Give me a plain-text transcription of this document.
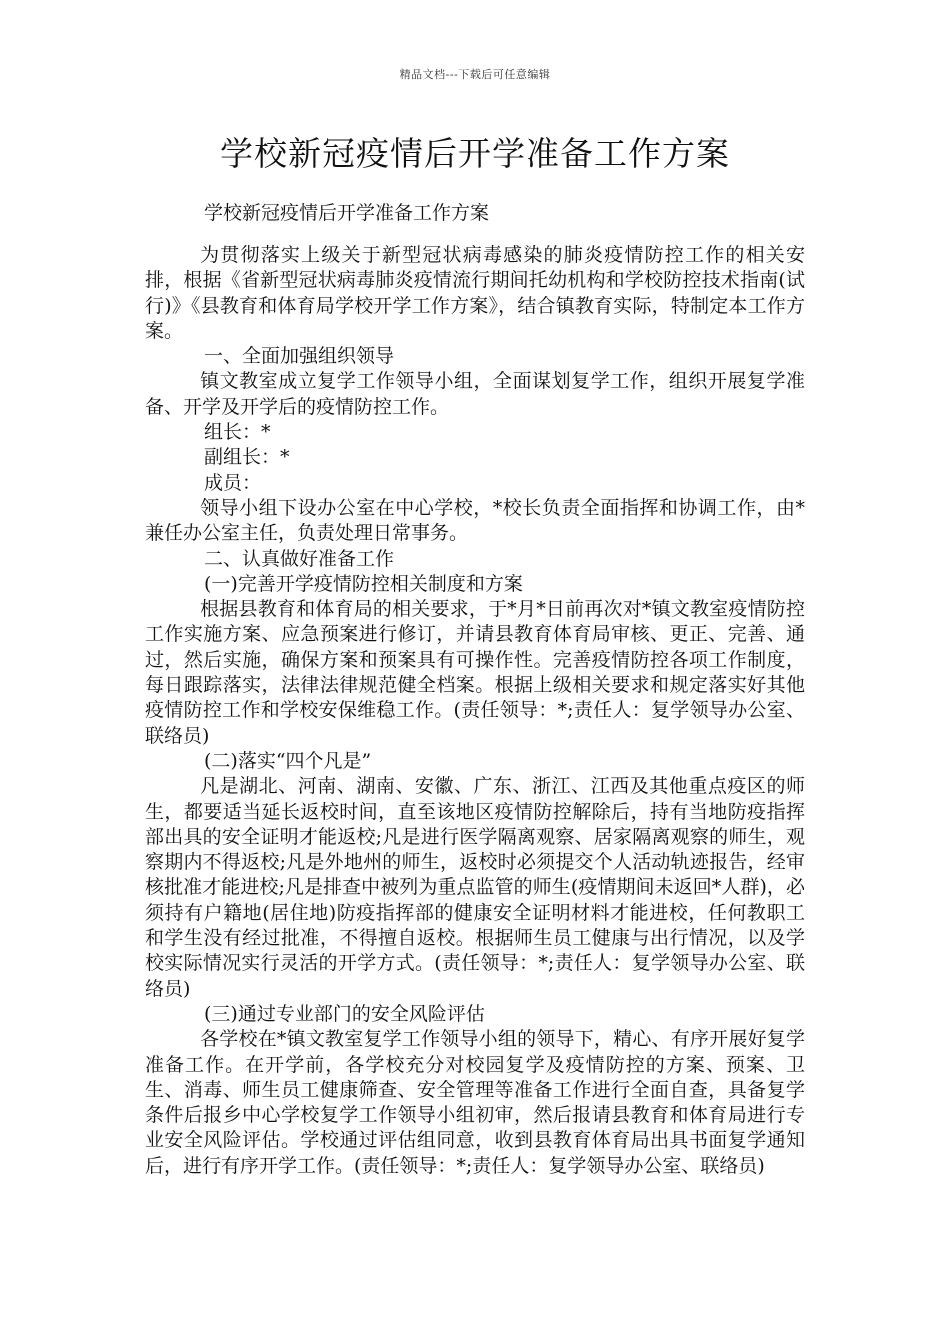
精品文档---下载后可任意编辑
学校新冠疫情后开学准备工作方案
学校新冠疫情后开学准备工作方案

为贯彻落实上级关于新型冠状病毒感染的肺炎疫情防控工作的相关安排，根据《省新型冠状病毒肺炎疫情流行期间托幼机构和学校防控技术指南(试行)》《县教育和体育局学校开学工作方案》，结合镇教育实际，特制定本工作方案。

一、全面加强组织领导

镇文教室成立复学工作领导小组，全面谋划复学工作，组织开展复学准备、开学及开学后的疫情防控工作。

组长：*

副组长：*

成员：

领导小组下设办公室在中心学校，*校长负责全面指挥和协调工作，由*兼任办公室主任，负责处理日常事务。

二、认真做好准备工作

(一)完善开学疫情防控相关制度和方案

根据县教育和体育局的相关要求，于*月*日前再次对*镇文教室疫情防控工作实施方案、应急预案进行修订，并请县教育体育局审核、更正、完善、通过，然后实施，确保方案和预案具有可操作性。完善疫情防控各项工作制度，每日跟踪落实，法律法律规范健全档案。根据上级相关要求和规定落实好其他疫情防控工作和学校安保维稳工作。(责任领导：*;责任人：复学领导办公室、联络员)

(二)落实“四个凡是”

凡是湖北、河南、湖南、安徽、广东、浙江、江西及其他重点疫区的师生，都要适当延长返校时间，直至该地区疫情防控解除后，持有当地防疫指挥部出具的安全证明才能返校;凡是进行医学隔离观察、居家隔离观察的师生，观察期内不得返校;凡是外地州的师生，返校时必须提交个人活动轨迹报告，经审核批准才能进校;凡是排查中被列为重点监管的师生(疫情期间未返回*人群)，必须持有户籍地(居住地)防疫指挥部的健康安全证明材料才能进校，任何教职工和学生没有经过批准，不得擅自返校。根据师生员工健康与出行情况，以及学校实际情况实行灵活的开学方式。(责任领导：*;责任人：复学领导办公室、联络员)

(三)通过专业部门的安全风险评估

各学校在*镇文教室复学工作领导小组的领导下，精心、有序开展好复学准备工作。在开学前，各学校充分对校园复学及疫情防控的方案、预案、卫生、消毒、师生员工健康筛查、安全管理等准备工作进行全面自查，具备复学条件后报乡中心学校复学工作领导小组初审，然后报请县教育和体育局进行专业安全风险评估。学校通过评估组同意，收到县教育体育局出具书面复学通知后，进行有序开学工作。(责任领导：*;责任人：复学领导办公室、联络员)
